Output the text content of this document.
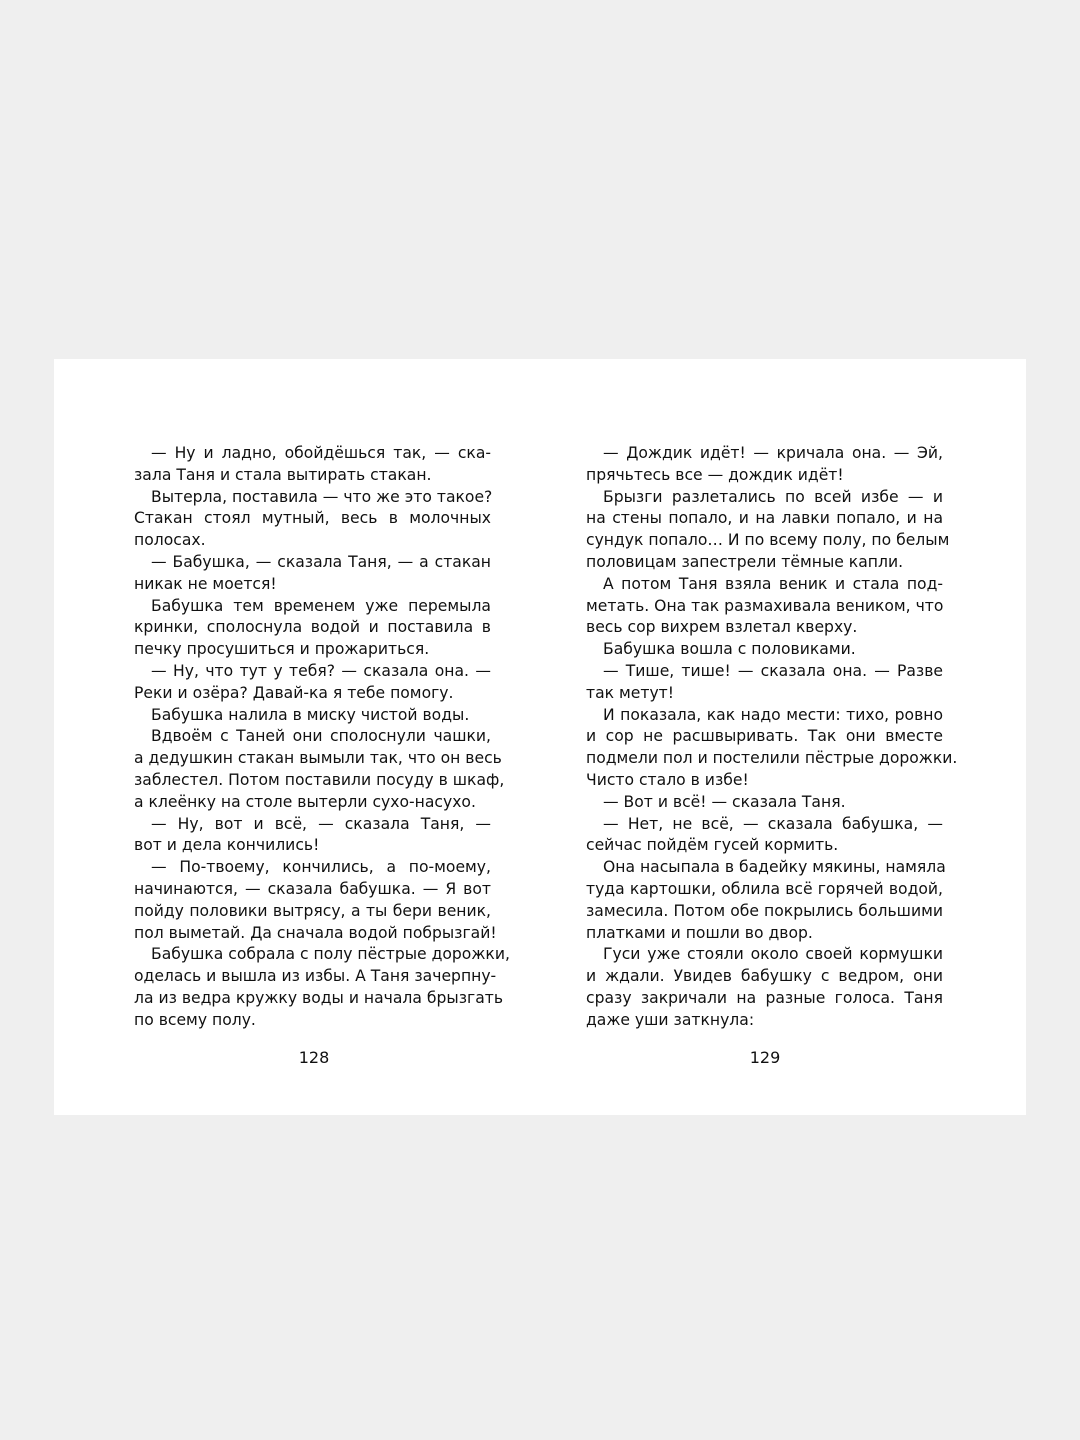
— Ну и ладно, обойдёшься так, — ска-
зала Таня и стала вытирать стакан.
Вытерла, поставила — что же это такое?
Стакан стоял мутный, весь в молочных
полосах.
— Бабушка, — сказала Таня, — а стакан
никак не моется!
Бабушка тем временем уже перемыла
кринки, сполоснула водой и поставила в
печку просушиться и прожариться.
— Ну, что тут у тебя? — сказала она. —
Реки и озёра? Давай-ка я тебе помогу.
Бабушка налила в миску чистой воды.
Вдвоём с Таней они сполоснули чашки,
а дедушкин стакан вымыли так, что он весь
заблестел. Потом поставили посуду в шкаф,
а клеёнку на столе вытерли сухо-насухо.
— Ну, вот и всё, — сказала Таня, —
вот и дела кончились!
— По-твоему, кончились, а по-моему,
начинаются, — сказала бабушка. — Я вот
пойду половики вытрясу, а ты бери веник,
пол выметай. Да сначала водой побрызгай!
Бабушка собрала с полу пёстрые дорожки,
оделась и вышла из избы. А Таня зачерпну-
ла из ведра кружку воды и начала брызгать
по всему полу.
— Дождик идёт! — кричала она. — Эй,
прячьтесь все — дождик идёт!
Брызги разлетались по всей избе — и
на стены попало, и на лавки попало, и на
сундук попало… И по всему полу, по белым
половицам запестрели тёмные капли.
А потом Таня взяла веник и стала под-
метать. Она так размахивала веником, что
весь сор вихрем взлетал кверху.
Бабушка вошла с половиками.
— Тише, тише! — сказала она. — Разве
так метут!
И показала, как надо мести: тихо, ровно
и сор не расшвыривать. Так они вместе
подмели пол и постелили пёстрые дорожки.
Чисто стало в избе!
— Вот и всё! — сказала Таня.
— Нет, не всё, — сказала бабушка, —
сейчас пойдём гусей кормить.
Она насыпала в бадейку мякины, намяла
туда картошки, облила всё горячей водой,
замесила. Потом обе покрылись большими
платками и пошли во двор.
Гуси уже стояли около своей кормушки
и ждали. Увидев бабушку с ведром, они
сразу закричали на разные голоса. Таня
даже уши заткнула:
128	129
